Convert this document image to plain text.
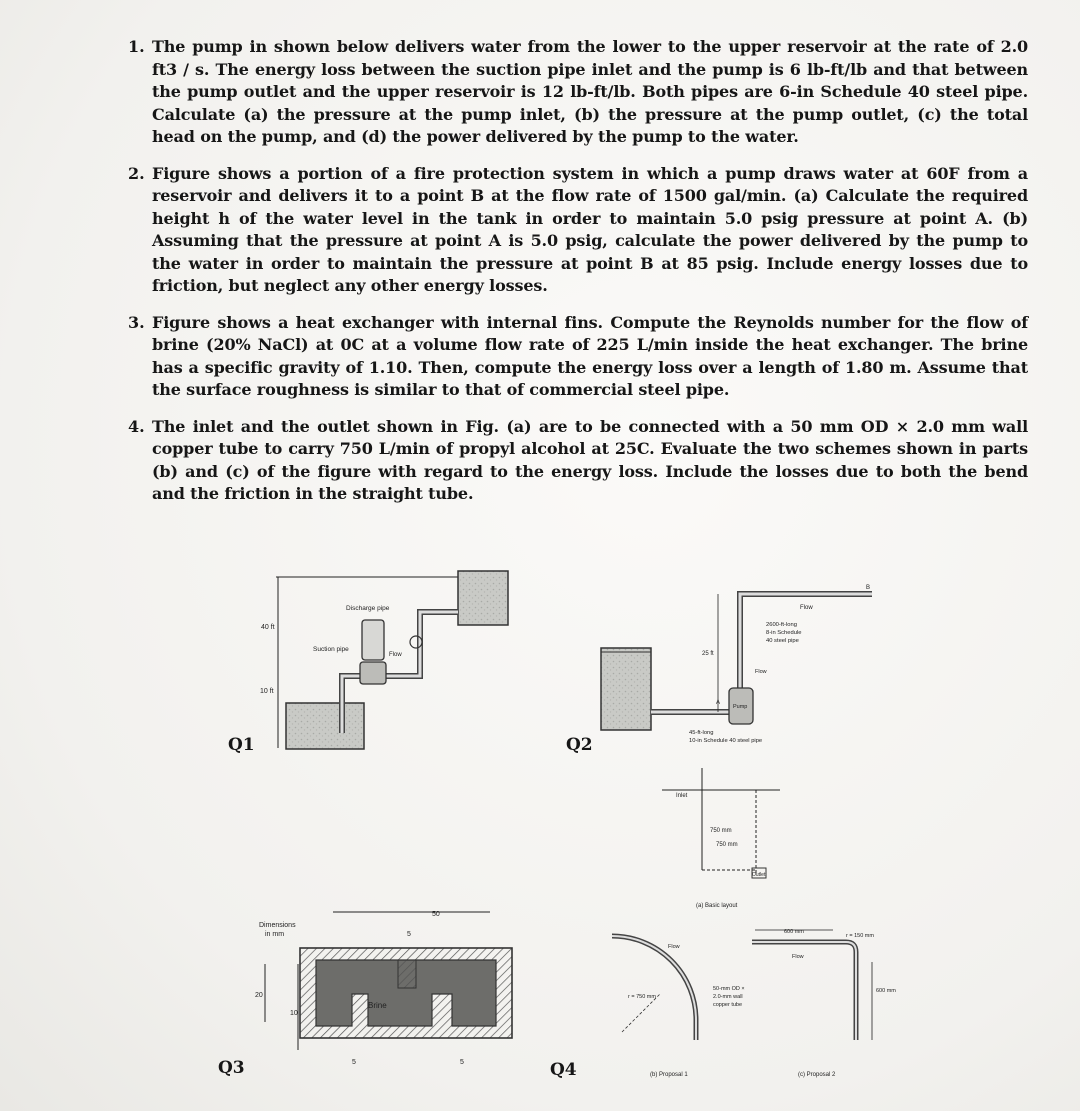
1. The pump in shown below delivers water from the lower to the upper reservoir at the rate of 2.0 ft3 / s. The energy loss between the suction pipe inlet and the pump is 6 lb-ft/lb and that between the pump outlet and the upper reservoir is 12 lb-ft/lb. Both pipes are 6-in Schedule 40 steel pipe. Calculate (a) the pressure at the pump inlet, (b) the pressure at the pump outlet, (c) the total head on the pump, and (d) the power delivered by the pump to the water.
2. Figure shows a portion of a fire protection system in which a pump draws water at 60F from a reservoir and delivers it to a point B at the flow rate of 1500 gal/min. (a) Calculate the required height h of the water level in the tank in order to maintain 5.0 psig pressure at point A. (b) Assuming that the pressure at point A is 5.0 psig, calculate the power delivered by the pump to the water in order to maintain the pressure at point B at 85 psig. Include energy losses due to friction, but neglect any other energy losses.
3. Figure shows a heat exchanger with internal fins. Compute the Reynolds number for the flow of brine (20% NaCl) at 0C at a volume flow rate of 225 L/min inside the heat exchanger. The brine has a specific gravity of 1.10. Then, compute the energy loss over a length of 1.80 m. Assume that the surface roughness is similar to that of commercial steel pipe.
4. The inlet and the outlet shown in Fig. (a) are to be connected with a 50 mm OD × 2.0 mm wall copper tube to carry 750 L/min of propyl alcohol at 25C. Evaluate the two schemes shown in parts (b) and (c) of the figure with regard to the energy loss. Include the losses due to both the bend and the friction in the straight tube.
Q1	Q2
Q3	Q4
40 ft
10 ft
Discharge pipe
Suction pipe
Flow
B
Flow
2600-ft-long
8-in Schedule
40 steel pipe
25 ft
Flow
A
Pump
45-ft-long
10-in Schedule 40 steel pipe
Dimensions
in mm
50
5
Brine
20
10
5	5
Inlet
750 mm
750 mm
Outlet
(a) Basic layout
Flow
r = 750 mm
50-mm OD ×
2.0-mm wall
copper tube
(b) Proposal 1
600 mm
r = 150 mm
Flow
600 mm
(c) Proposal 2
